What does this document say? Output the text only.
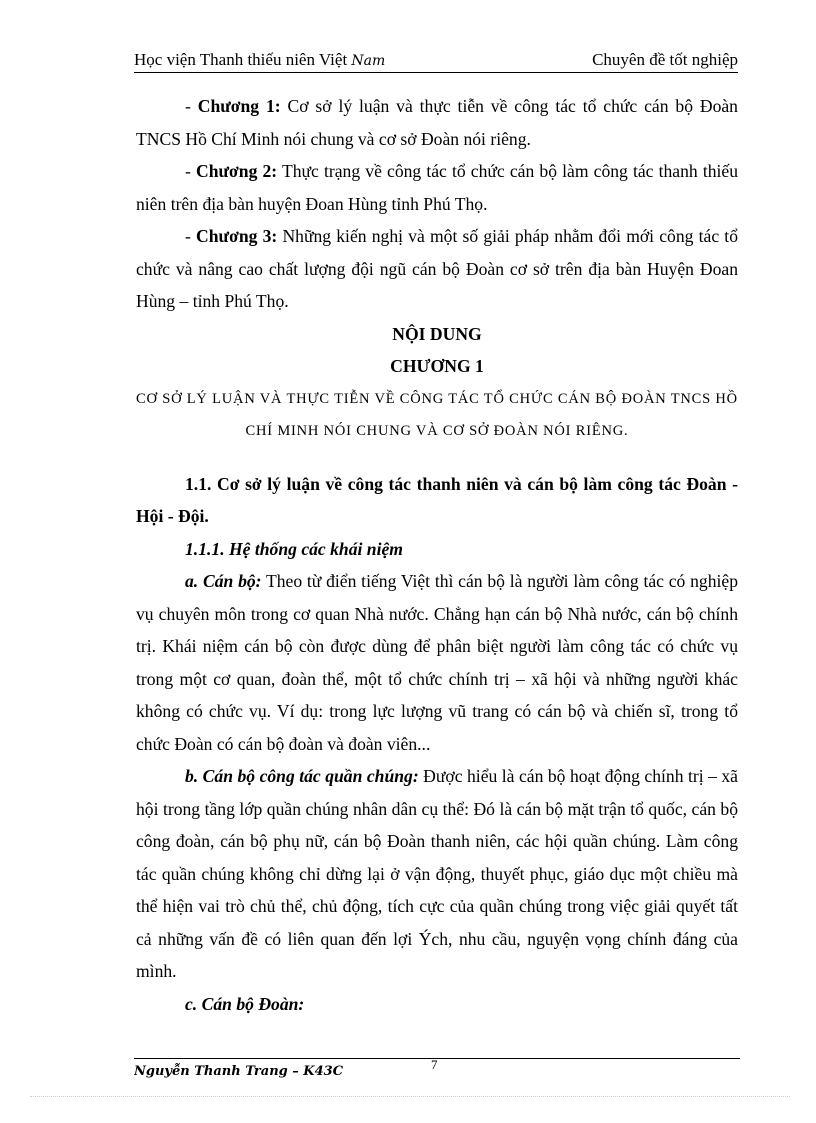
Học viện Thanh thiếu niên Việt Nam	Chuyên đề tốt nghiệp

- Chương 1: Cơ sở lý luận và thực tiễn về công tác tổ chức cán bộ Đoàn TNCS Hồ Chí Minh nói chung và cơ sở Đoàn nói riêng.

- Chương 2: Thực trạng về công tác tổ chức cán bộ làm công tác thanh thiếu niên trên địa bàn huyện Đoan Hùng tỉnh Phú Thọ.

- Chương 3: Những kiến nghị và một số giải pháp nhằm đổi mới công tác tổ chức và nâng cao chất lượng đội ngũ cán bộ Đoàn cơ sở trên địa bàn Huyện Đoan Hùng – tỉnh Phú Thọ.

NỘI DUNG

CHƯƠNG 1

CƠ SỞ LÝ LUẬN VÀ THỰC TIỄN VỀ CÔNG TÁC TỔ CHỨC CÁN BỘ ĐOÀN TNCS HỒ CHÍ MINH NÓI CHUNG VÀ CƠ SỞ ĐOÀN NÓI RIÊNG.

1.1. Cơ sở lý luận về công tác thanh niên và cán bộ làm công tác Đoàn - Hội - Đội.

1.1.1. Hệ thống các khái niệm

a. Cán bộ: Theo từ điển tiếng Việt thì cán bộ là người làm công tác có nghiệp vụ chuyên môn trong cơ quan Nhà nước. Chẳng hạn cán bộ Nhà nước, cán bộ chính trị. Khái niệm cán bộ còn được dùng để phân biệt người làm công tác có chức vụ trong một cơ quan, đoàn thể, một tổ chức chính trị – xã hội và những người khác không có chức vụ. Ví dụ: trong lực lượng vũ trang có cán bộ và chiến sĩ, trong tổ chức Đoàn có cán bộ đoàn và đoàn viên...

b. Cán bộ công tác quần chúng: Được hiểu là cán bộ hoạt động chính trị – xã hội trong tầng lớp quần chúng nhân dân cụ thể: Đó là cán bộ mặt trận tổ quốc, cán bộ công đoàn, cán bộ phụ nữ, cán bộ Đoàn thanh niên, các hội quần chúng. Làm công tác quần chúng không chỉ dừng lại ở vận động, thuyết phục, giáo dục một chiều mà thể hiện vai trò chủ thể, chủ động, tích cực của quần chúng trong việc giải quyết tất cả những vấn đề có liên quan đến lợi Ých, nhu cầu, nguyện vọng chính đáng của mình.

c. Cán bộ Đoàn:

Nguyễn Thanh Trang – K43C	7
